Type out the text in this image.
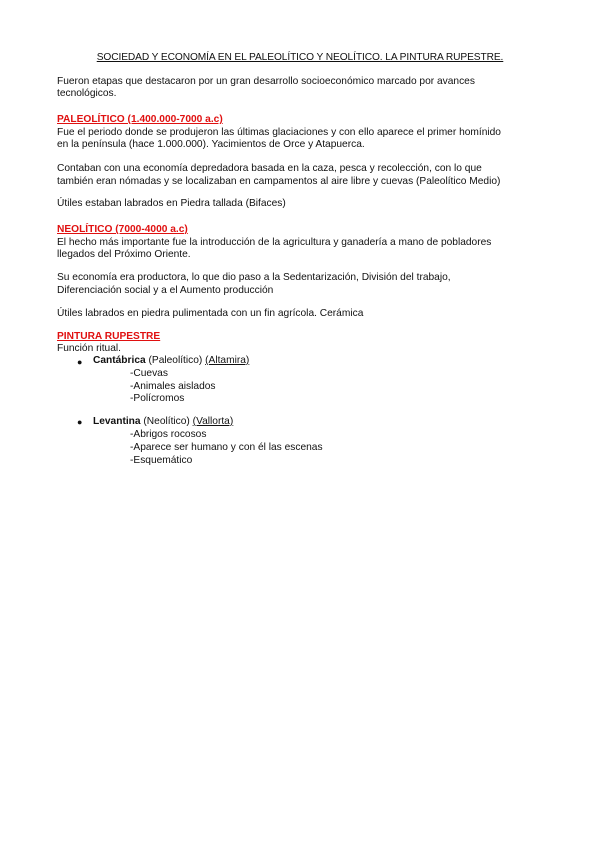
SOCIEDAD Y ECONOMÍA EN EL PALEOLÍTICO Y NEOLÍTICO. LA PINTURA RUPESTRE.
Fueron etapas que destacaron por un gran desarrollo socioeconómico marcado por avances
tecnológicos.
PALEOLÍTICO (1.400.000-7000 a.c)
Fue el periodo donde se produjeron las últimas glaciaciones y con ello aparece el primer homínido
en la península (hace 1.000.000). Yacimientos de Orce y Atapuerca.
Contaban con una economía depredadora basada en la caza, pesca y recolección, con lo que
también eran nómadas y se localizaban en campamentos al aire libre y cuevas (Paleolítico Medio)
Útiles estaban labrados en Piedra tallada (Bifaces)
NEOLÍTICO (7000-4000 a.c)
El hecho más importante fue la introducción de la agricultura y ganadería a mano de pobladores
llegados del Próximo Oriente.
Su economía era productora, lo que dio paso a la Sedentarización, División del trabajo,
Diferenciación social y a el Aumento producción
Útiles labrados en piedra pulimentada con un fin agrícola. Cerámica
PINTURA RUPESTRE
Función ritual.
● Cantábrica (Paleolítico) (Altamira)
-Cuevas
-Animales aislados
-Polícromos
● Levantina (Neolítico) (Vallorta)
-Abrigos rocosos
-Aparece ser humano y con él las escenas
-Esquemático
